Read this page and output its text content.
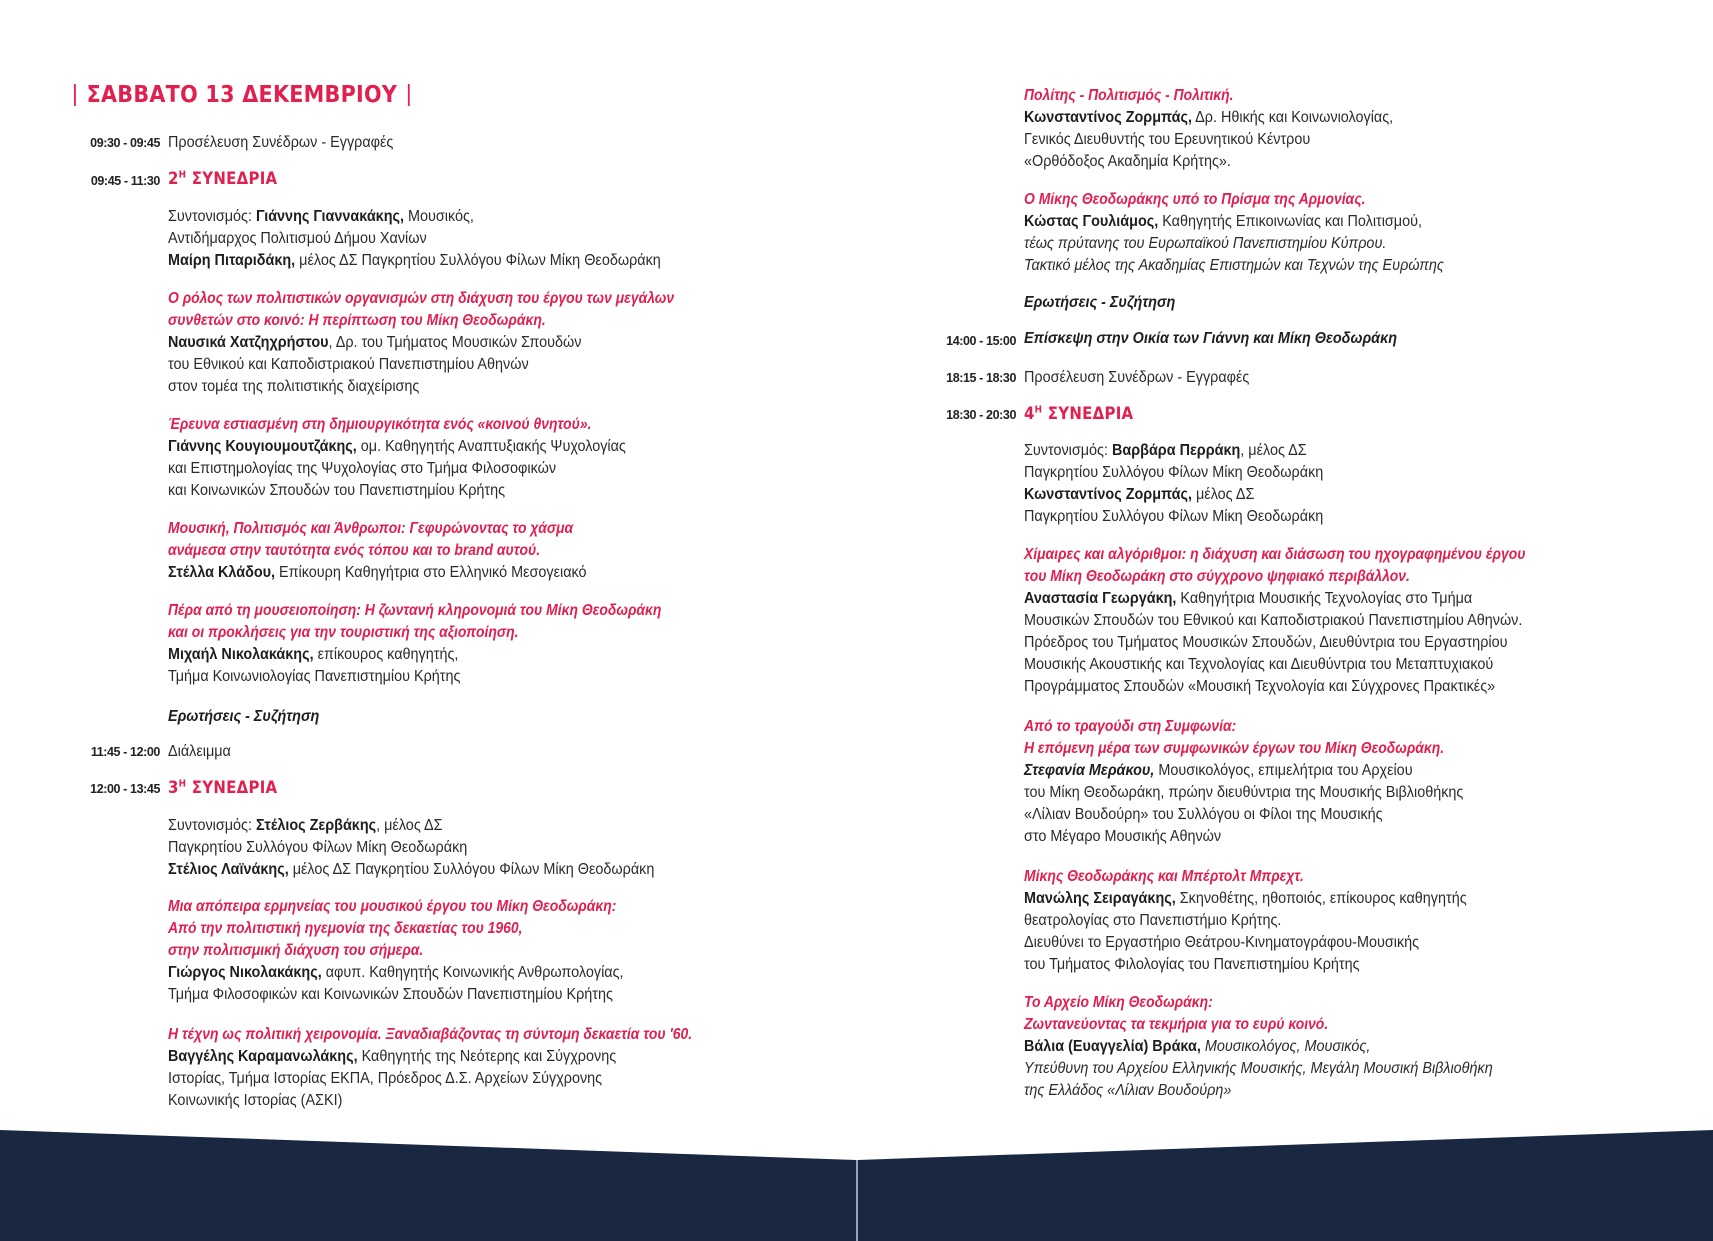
ΣΑΒΒΑΤΟ 13 ΔΕΚΕΜΒΡΙΟΥ
09:30 - 09:45 Προσέλευση Συνέδρων - Εγγραφές
09:45 - 11:30 $2^H$ ΣΥΝΕΔΡΙΑ
Συντονισμός: Γιάννης Γιαννακάκης, Μουσικός,
Αντιδήμαρχος Πολιτισμού Δήμου Χανίων
Μαίρη Πιταριδάκη, μέλος ΔΣ Παγκρητίου Συλλόγου Φίλων Μίκη Θεοδωράκη
Ο ρόλος των πολιτιστικών οργανισμών στη διάχυση του έργου των μεγάλων
συνθετών στο κοινό: Η περίπτωση του Μίκη Θεοδωράκη.
Ναυσικά Χατζηχρήστου, Δρ. του Τμήματος Μουσικών Σπουδών
του Εθνικού και Καποδιστριακού Πανεπιστημίου Αθηνών
στον τομέα της πολιτιστικής διαχείρισης
Έρευνα εστιασμένη στη δημιουργικότητα ενός «κοινού θνητού».
Γιάννης Κουγιουμουτζάκης, ομ. Καθηγητής Αναπτυξιακής Ψυχολογίας
και Επιστημολογίας της Ψυχολογίας στο Τμήμα Φιλοσοφικών
και Κοινωνικών Σπουδών του Πανεπιστημίου Κρήτης
Μουσική, Πολιτισμός και Άνθρωποι: Γεφυρώνοντας το χάσμα
ανάμεσα στην ταυτότητα ενός τόπου και το brand αυτού.
Στέλλα Κλάδου, Επίκουρη Καθηγήτρια στο Ελληνικό Μεσογειακό
Πέρα από τη μουσειοποίηση: Η ζωντανή κληρονομιά του Μίκη Θεοδωράκη
και οι προκλήσεις για την τουριστική της αξιοποίηση.
Μιχαήλ Νικολακάκης, επίκουρος καθηγητής,
Τμήμα Κοινωνιολογίας Πανεπιστημίου Κρήτης
Ερωτήσεις - Συζήτηση
11:45 - 12:00 Διάλειμμα
12:00 - 13:45 $3^H$ ΣΥΝΕΔΡΙΑ
Συντονισμός: Στέλιος Ζερβάκης, μέλος ΔΣ
Παγκρητίου Συλλόγου Φίλων Μίκη Θεοδωράκη
Στέλιος Λαϊνάκης, μέλος ΔΣ Παγκρητίου Συλλόγου Φίλων Μίκη Θεοδωράκη
Μια απόπειρα ερμηνείας του μουσικού έργου του Μίκη Θεοδωράκη:
Από την πολιτιστική ηγεμονία της δεκαετίας του 1960,
στην πολιτισμική διάχυση του σήμερα.
Γιώργος Νικολακάκης, αφυπ. Καθηγητής Κοινωνικής Ανθρωπολογίας,
Τμήμα Φιλοσοφικών και Κοινωνικών Σπουδών Πανεπιστημίου Κρήτης
Η τέχνη ως πολιτική χειρονομία. Ξαναδιαβάζοντας τη σύντομη δεκαετία του '60.
Βαγγέλης Καραμανωλάκης, Καθηγητής της Νεότερης και Σύγχρονης
Ιστορίας, Τμήμα Ιστορίας ΕΚΠΑ, Πρόεδρος Δ.Σ. Αρχείων Σύγχρονης
Κοινωνικής Ιστορίας (ΑΣΚΙ)
Πολίτης - Πολιτισμός - Πολιτική.
Κωνσταντίνος Ζορμπάς, Δρ. Ηθικής και Κοινωνιολογίας,
Γενικός Διευθυντής του Ερευνητικού Κέντρου
«Ορθόδοξος Ακαδημία Κρήτης».
Ο Μίκης Θεοδωράκης υπό το Πρίσμα της Αρμονίας.
Κώστας Γουλιάμος, Καθηγητής Επικοινωνίας και Πολιτισμού,
τέως πρύτανης του Ευρωπαϊκού Πανεπιστημίου Κύπρου.
Τακτικό μέλος της Ακαδημίας Επιστημών και Τεχνών της Ευρώπης
Ερωτήσεις - Συζήτηση
14:00 - 15:00 Επίσκεψη στην Οικία των Γιάννη και Μίκη Θεοδωράκη
18:15 - 18:30 Προσέλευση Συνέδρων - Εγγραφές
18:30 - 20:30 $4^H$ ΣΥΝΕΔΡΙΑ
Συντονισμός: Βαρβάρα Περράκη, μέλος ΔΣ
Παγκρητίου Συλλόγου Φίλων Μίκη Θεοδωράκη
Κωνσταντίνος Ζορμπάς, μέλος ΔΣ
Παγκρητίου Συλλόγου Φίλων Μίκη Θεοδωράκη
Χίμαιρες και αλγόριθμοι: η διάχυση και διάσωση του ηχογραφημένου έργου
του Μίκη Θεοδωράκη στο σύγχρονο ψηφιακό περιβάλλον.
Αναστασία Γεωργάκη, Καθηγήτρια Μουσικής Τεχνολογίας στο Τμήμα
Μουσικών Σπουδών του Εθνικού και Καποδιστριακού Πανεπιστημίου Αθηνών.
Πρόεδρος του Τμήματος Μουσικών Σπουδών, Διευθύντρια του Εργαστηρίου
Μουσικής Ακουστικής και Τεχνολογίας και Διευθύντρια του Μεταπτυχιακού
Προγράμματος Σπουδών «Μουσική Τεχνολογία και Σύγχρονες Πρακτικές»
Από το τραγούδι στη Συμφωνία:
Η επόμενη μέρα των συμφωνικών έργων του Μίκη Θεοδωράκη.
Στεφανία Μεράκου, Μουσικολόγος, επιμελήτρια του Αρχείου
του Μίκη Θεοδωράκη, πρώην διευθύντρια της Μουσικής Βιβλιοθήκης
«Λίλιαν Βουδούρη» του Συλλόγου οι Φίλοι της Μουσικής
στο Μέγαρο Μουσικής Αθηνών
Μίκης Θεοδωράκης και Μπέρτολτ Μπρεχτ.
Μανώλης Σειραγάκης, Σκηνοθέτης, ηθοποιός, επίκουρος καθηγητής
θεατρολογίας στο Πανεπιστήμιο Κρήτης.
Διευθύνει το Εργαστήριο Θεάτρου-Κινηματογράφου-Μουσικής
του Τμήματος Φιλολογίας του Πανεπιστημίου Κρήτης
Το Αρχείο Μίκη Θεοδωράκη:
Ζωντανεύοντας τα τεκμήρια για το ευρύ κοινό.
Βάλια (Ευαγγελία) Βράκα, Μουσικολόγος, Μουσικός,
Υπεύθυνη του Αρχείου Ελληνικής Μουσικής, Μεγάλη Μουσική Βιβλιοθήκη
της Ελλάδος «Λίλιαν Βουδούρη»
